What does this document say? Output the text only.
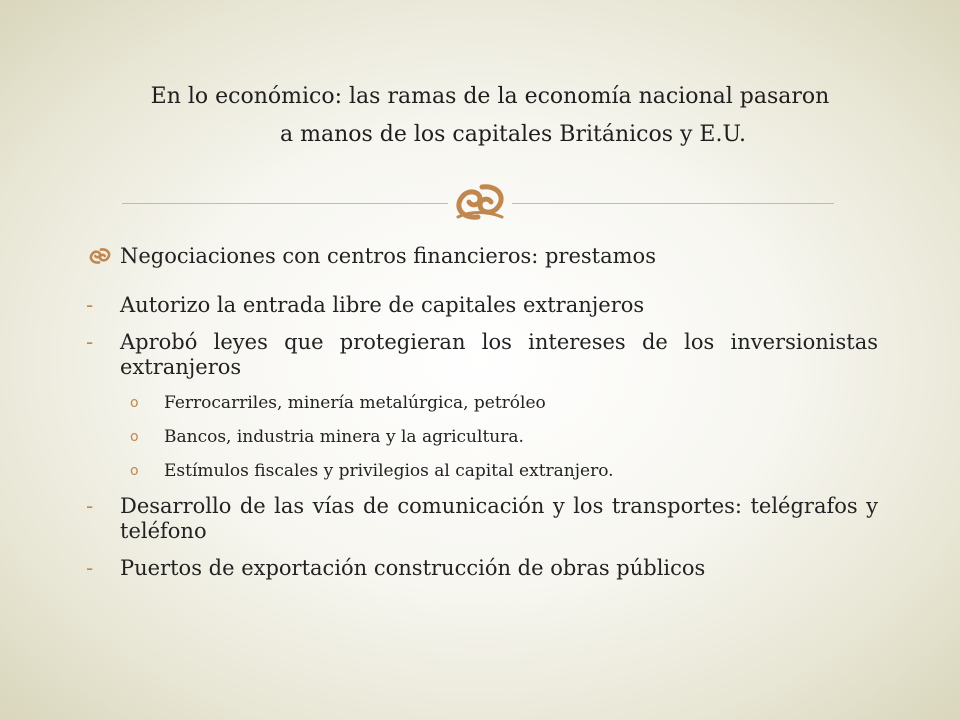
En lo económico: las ramas de la economía nacional pasaron
a manos de los capitales Británicos y E.U.
Negociaciones con centros financieros: prestamos
-	Autorizo la entrada libre de capitales extranjeros
-	Aprobó leyes que protegieran los intereses de los inversionistas extranjeros
o Ferrocarriles, minería metalúrgica, petróleo
o Bancos, industria minera y la agricultura.
o Estímulos fiscales y privilegios al capital extranjero.
-	Desarrollo de las vías de comunicación y los transportes: telégrafos y teléfono
-	Puertos de exportación construcción de obras públicos
